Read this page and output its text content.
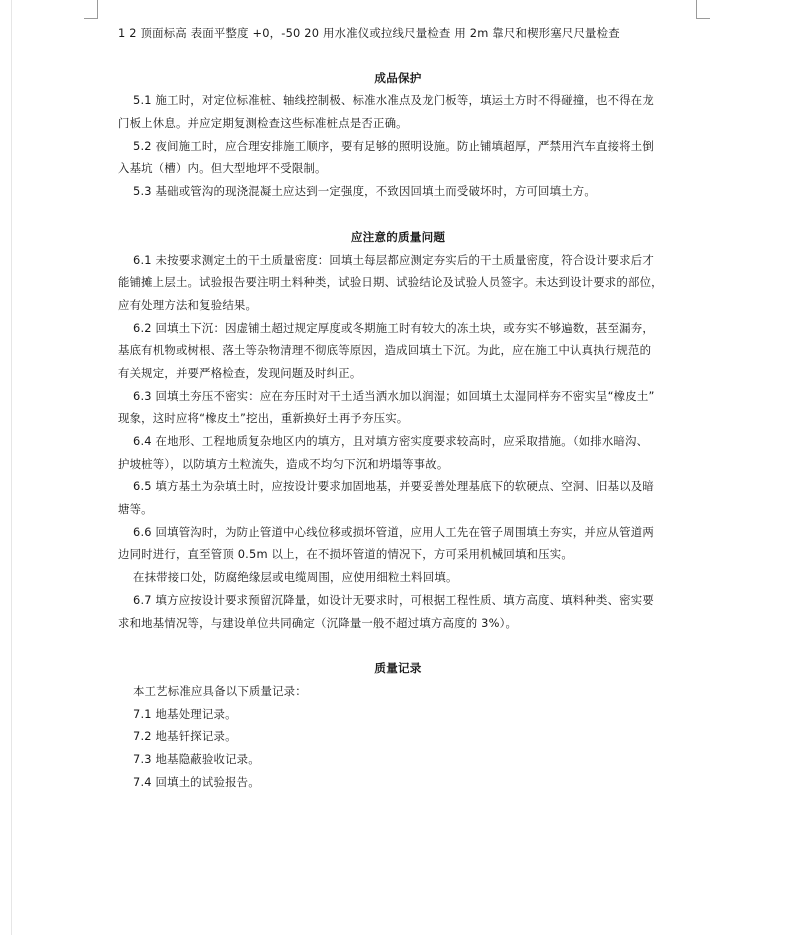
1 2 顶面标高 表面平整度 +0，-50 20 用水准仪或拉线尺量检查 用 2m 靠尺和楔形塞尺尺量检查
成品保护
5.1 施工时，对定位标准桩、轴线控制极、标准水准点及龙门板等，填运土方时不得碰撞，也不得在龙
门板上休息。并应定期复测检查这些标准桩点是否正确。
5.2 夜间施工时，应合理安排施工顺序，要有足够的照明设施。防止铺填超厚，严禁用汽车直接将土倒
入基坑（槽）内。但大型地坪不受限制。
5.3 基础或管沟的现浇混凝土应达到一定强度，不致因回填土而受破坏时，方可回填土方。
应注意的质量问题
6.1 未按要求测定土的干土质量密度：回填土每层都应测定夯实后的干土质量密度，符合设计要求后才
能铺摊上层土。试验报告要注明土料种类，试验日期、试验结论及试验人员签字。未达到设计要求的部位，
应有处理方法和复验结果。
6.2 回填土下沉：因虚铺土超过规定厚度或冬期施工时有较大的冻土块，或夯实不够遍数，甚至漏夯，
基底有机物或树根、落土等杂物清理不彻底等原因，造成回填土下沉。为此，应在施工中认真执行规范的
有关规定，并要严格检查，发现问题及时纠正。
6.3 回填土夯压不密实：应在夯压时对干土适当洒水加以润湿；如回填土太湿同样夯不密实呈“橡皮土”
现象，这时应将“橡皮土”挖出，重新换好土再予夯压实。
6.4 在地形、工程地质复杂地区内的填方，且对填方密实度要求较高时，应采取措施。（如排水暗沟、
护坡桩等），以防填方土粒流失，造成不均匀下沉和坍塌等事故。
6.5 填方基土为杂填土时，应按设计要求加固地基，并要妥善处理基底下的软硬点、空洞、旧基以及暗
塘等。
6.6 回填管沟时，为防止管道中心线位移或损坏管道，应用人工先在管子周围填土夯实，并应从管道两
边同时进行，直至管顶 0.5m 以上，在不损坏管道的情况下，方可采用机械回填和压实。
在抹带接口处，防腐绝缘层或电缆周围，应使用细粒土料回填。
6.7 填方应按设计要求预留沉降量，如设计无要求时，可根据工程性质、填方高度、填料种类、密实要
求和地基情况等，与建设单位共同确定（沉降量一般不超过填方高度的 3%）。
质量记录
本工艺标准应具备以下质量记录：
7.1 地基处理记录。
7.2 地基钎探记录。
7.3 地基隐蔽验收记录。
7.4 回填土的试验报告。
